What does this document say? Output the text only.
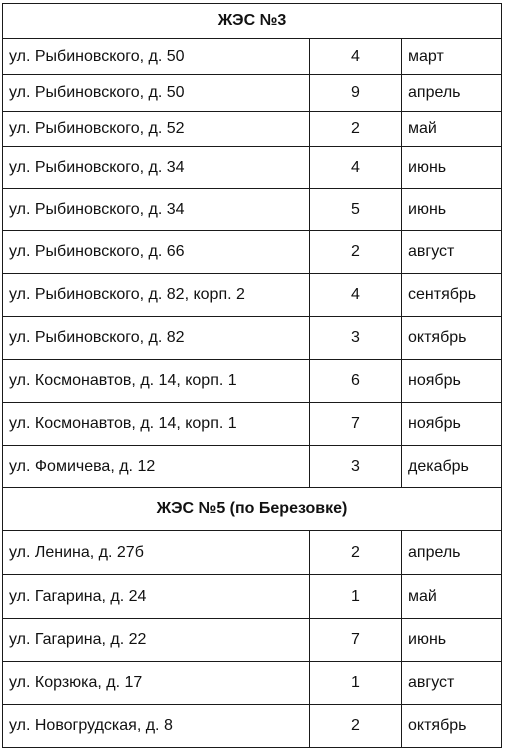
ЖЭС №3		
ул. Рыбиновского, д. 50	4	март
ул. Рыбиновского, д. 50	9	апрель
ул. Рыбиновского, д. 52	2	май
ул. Рыбиновского, д. 34	4	июнь
ул. Рыбиновского, д. 34	5	июнь
ул. Рыбиновского, д. 66	2	август
ул. Рыбиновского, д. 82, корп. 2	4	сентябрь
ул. Рыбиновского, д. 82	3	октябрь
ул. Космонавтов, д. 14, корп. 1	6	ноябрь
ул. Космонавтов, д. 14, корп. 1	7	ноябрь
ул. Фомичева, д. 12	3	декабрь
ЖЭС №5 (по Березовке)		
ул. Ленина, д. 27б	2	апрель
ул. Гагарина, д. 24	1	май
ул. Гагарина, д. 22	7	июнь
ул. Корзюка, д. 17	1	август
ул. Новогрудская, д. 8	2	октябрь
